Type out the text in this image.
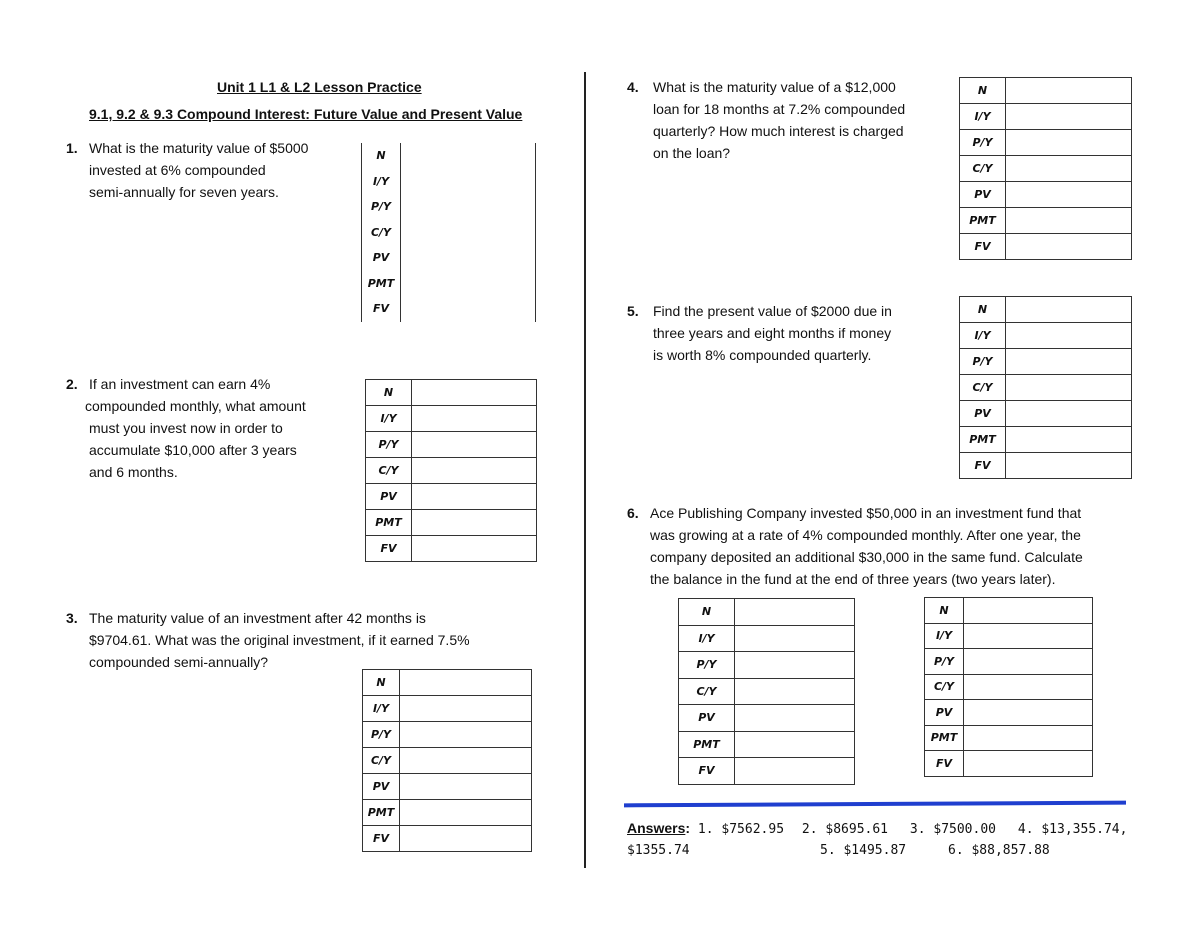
Unit 1 L1 & L2 Lesson Practice
9.1, 9.2 & 9.3 Compound Interest: Future Value and Present Value
1. What is the maturity value of $5000
invested at 6% compounded
semi-annually for seven years.
N	
I/Y	
P/Y	
C/Y	
PV	
PMT	
FV	
2. If an investment can earn 4%
compounded monthly, what amount
must you invest now in order to
accumulate $10,000 after 3 years
and 6 months.
N	
I/Y	
P/Y	
C/Y	
PV	
PMT	
FV	
3. The maturity value of an investment after 42 months is
$9704.61. What was the original investment, if it earned 7.5%
compounded semi-annually?
N	
I/Y	
P/Y	
C/Y	
PV	
PMT	
FV	
4.	What is the maturity value of a $12,000
loan for 18 months at 7.2% compounded
quarterly? How much interest is charged
on the loan?
N	
I/Y	
P/Y	
C/Y	
PV	
PMT	
FV	
5.	Find the present value of $2000 due in
three years and eight months if money
is worth 8% compounded quarterly.
N	
I/Y	
P/Y	
C/Y	
PV	
PMT	
FV	
6. Ace Publishing Company invested $50,000 in an investment fund that
was growing at a rate of 4% compounded monthly. After one year, the
company deposited an additional $30,000 in the same fund. Calculate
the balance in the fund at the end of three years (two years later).
N	
I/Y	
P/Y	
C/Y	
PV	
PMT	
FV	
N	
I/Y	
P/Y	
C/Y	
PV	
PMT	
FV	
Answers: 1. $7562.95 2. $8695.61 3. $7500.00 4. $13,355.74,
$1355.74	5. $1495.87	6. $88,857.88
